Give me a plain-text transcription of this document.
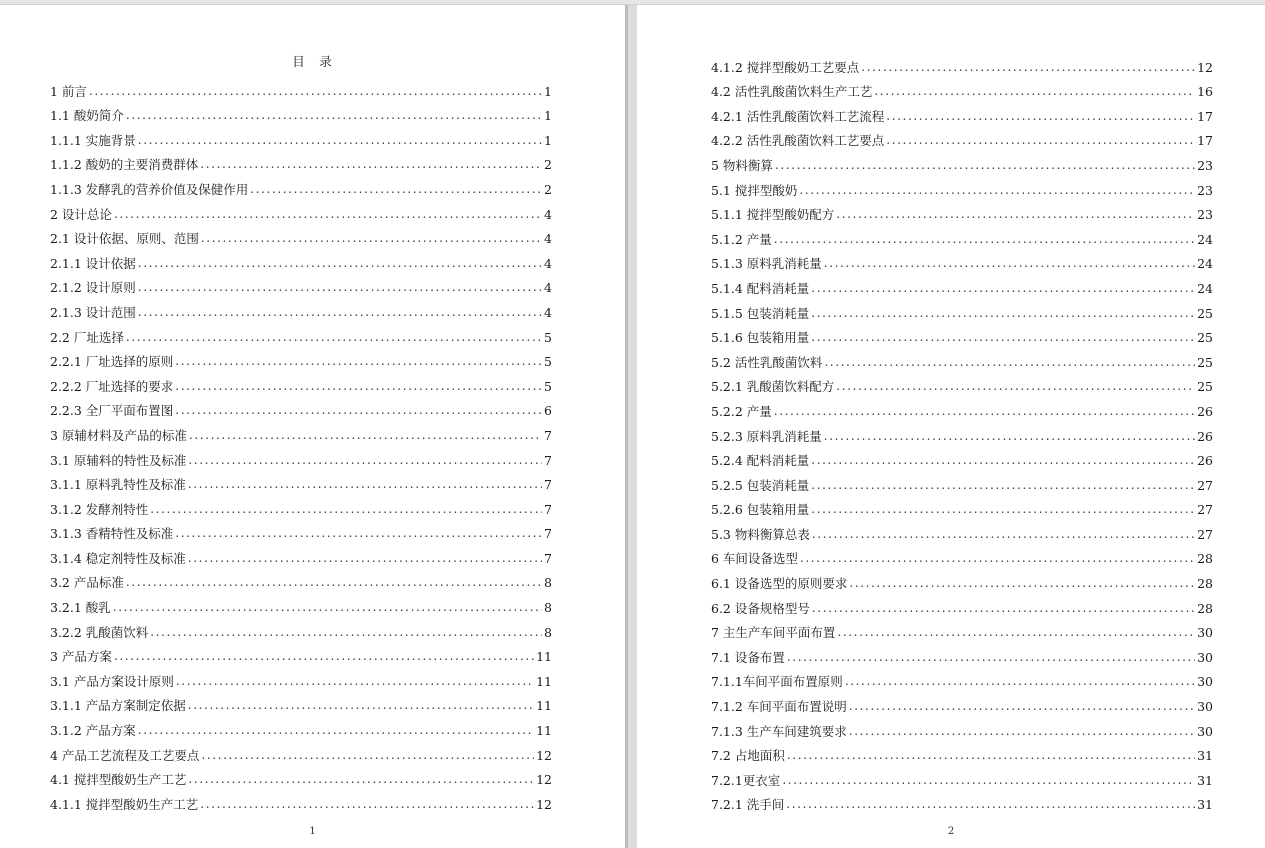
目　录
1 前言 .....	1
1.1 酸奶简介 .....	1
1.1.1 实施背景 .....	1
1.1.2 酸奶的主要消费群体 .....	2
1.1.3 发酵乳的营养价值及保健作用 .....	2
2 设计总论 .....	4
2.1 设计依据、原则、范围 .....	4
2.1.1 设计依据 .....	4
2.1.2 设计原则 .....	4
2.1.3 设计范围 .....	4
2.2 厂址选择 .....	5
2.2.1 厂址选择的原则 .....	5
2.2.2 厂址选择的要求 .....	5
2.2.3 全厂平面布置图 .....	6
3 原辅材料及产品的标准 .....	7
3.1 原辅料的特性及标准 .....	7
3.1.1 原料乳特性及标准 .....	7
3.1.2 发酵剂特性 .....	7
3.1.3 香精特性及标准 .....	7
3.1.4 稳定剂特性及标准 .....	7
3.2 产品标准 .....	8
3.2.1 酸乳 .....	8
3.2.2 乳酸菌饮料 .....	8
3 产品方案 .....	11
3.1 产品方案设计原则 .....	11
3.1.1 产品方案制定依据 .....	11
3.1.2 产品方案 .....	11
4 产品工艺流程及工艺要点 .....	12
4.1 搅拌型酸奶生产工艺 .....	12
4.1.1 搅拌型酸奶生产工艺 .....	12
1
4.1.2 搅拌型酸奶工艺要点 .....	12
4.2 活性乳酸菌饮料生产工艺 .....	16
4.2.1 活性乳酸菌饮料工艺流程 .....	17
4.2.2 活性乳酸菌饮料工艺要点 .....	17
5 物料衡算 .....	23
5.1 搅拌型酸奶 .....	23
5.1.1 搅拌型酸奶配方 .....	23
5.1.2 产量 .....	24
5.1.3 原料乳消耗量 .....	24
5.1.4 配料消耗量 .....	24
5.1.5 包装消耗量 .....	25
5.1.6 包装箱用量 .....	25
5.2 活性乳酸菌饮料 .....	25
5.2.1 乳酸菌饮料配方 .....	25
5.2.2 产量 .....	26
5.2.3 原料乳消耗量 .....	26
5.2.4 配料消耗量 .....	26
5.2.5 包装消耗量 .....	27
5.2.6 包装箱用量 .....	27
5.3 物料衡算总表 .....	27
6 车间设备选型 .....	28
6.1 设备选型的原则要求 .....	28
6.2 设备规格型号 .....	28
7 主生产车间平面布置 .....	30
7.1 设备布置 .....	30
7.1.1车间平面布置原则 .....	30
7.1.2 车间平面布置说明 .....	30
7.1.3 生产车间建筑要求 .....	30
7.2 占地面积 .....	31
7.2.1更衣室 .....	31
7.2.1 洗手间 .....	31
2
